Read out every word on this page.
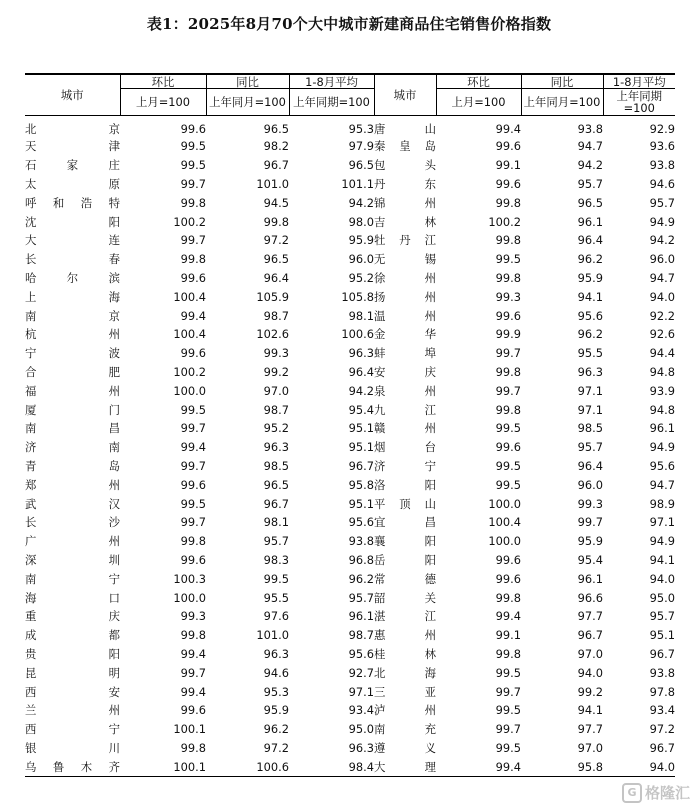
表1：2025年8月70个大中城市新建商品住宅销售价格指数
城市	环比	同比	1-8月平均	城市	环比	同比	1-8月平均
	上月=100	上年同月=100	上年同期=100		上月=100	上年同月=100	上年同期=100
北京	99.6	96.5	95.3	唐山	99.4	93.8	92.9
天津	99.5	98.2	97.9	秦皇岛	99.6	94.7	93.6
石家庄	99.5	96.7	96.5	包头	99.1	94.2	93.8
太原	99.7	101.0	101.1	丹东	99.6	95.7	94.6
呼和浩特	99.8	94.5	94.2	锦州	99.8	96.5	95.7
沈阳	100.2	99.8	98.0	吉林	100.2	96.1	94.9
大连	99.7	97.2	95.9	牡丹江	99.8	96.4	94.2
长春	99.8	96.5	96.0	无锡	99.5	96.2	96.0
哈尔滨	99.6	96.4	95.2	徐州	99.8	95.9	94.7
上海	100.4	105.9	105.8	扬州	99.3	94.1	94.0
南京	99.4	98.7	98.1	温州	99.6	95.6	92.2
杭州	100.4	102.6	100.6	金华	99.9	96.2	92.6
宁波	99.6	99.3	96.3	蚌埠	99.7	95.5	94.4
合肥	100.2	99.2	96.4	安庆	99.8	96.3	94.8
福州	100.0	97.0	94.2	泉州	99.7	97.1	93.9
厦门	99.5	98.7	95.4	九江	99.8	97.1	94.8
南昌	99.7	95.2	95.1	赣州	99.5	98.5	96.1
济南	99.4	96.3	95.1	烟台	99.6	95.7	94.9
青岛	99.7	98.5	96.7	济宁	99.5	96.4	95.6
郑州	99.6	96.5	95.8	洛阳	99.5	96.0	94.7
武汉	99.5	96.7	95.1	平顶山	100.0	99.3	98.9
长沙	99.7	98.1	95.6	宜昌	100.4	99.7	97.1
广州	99.8	95.7	93.8	襄阳	100.0	95.9	94.9
深圳	99.6	98.3	96.8	岳阳	99.6	95.4	94.1
南宁	100.3	99.5	96.2	常德	99.6	96.1	94.0
海口	100.0	95.5	95.7	韶关	99.8	96.6	95.0
重庆	99.3	97.6	96.1	湛江	99.4	97.7	95.7
成都	99.8	101.0	98.7	惠州	99.1	96.7	95.1
贵阳	99.4	96.3	95.6	桂林	99.8	97.0	96.7
昆明	99.7	94.6	92.7	北海	99.5	94.0	93.8
西安	99.4	95.3	97.1	三亚	99.7	99.2	97.8
兰州	99.6	95.9	93.4	泸州	99.5	94.1	93.4
西宁	100.1	96.2	95.0	南充	99.7	97.7	97.2
银川	99.8	97.2	96.3	遵义	99.5	97.0	96.7
乌鲁木齐	100.1	100.6	98.4	大理	99.4	95.8	94.0
G 格隆汇
